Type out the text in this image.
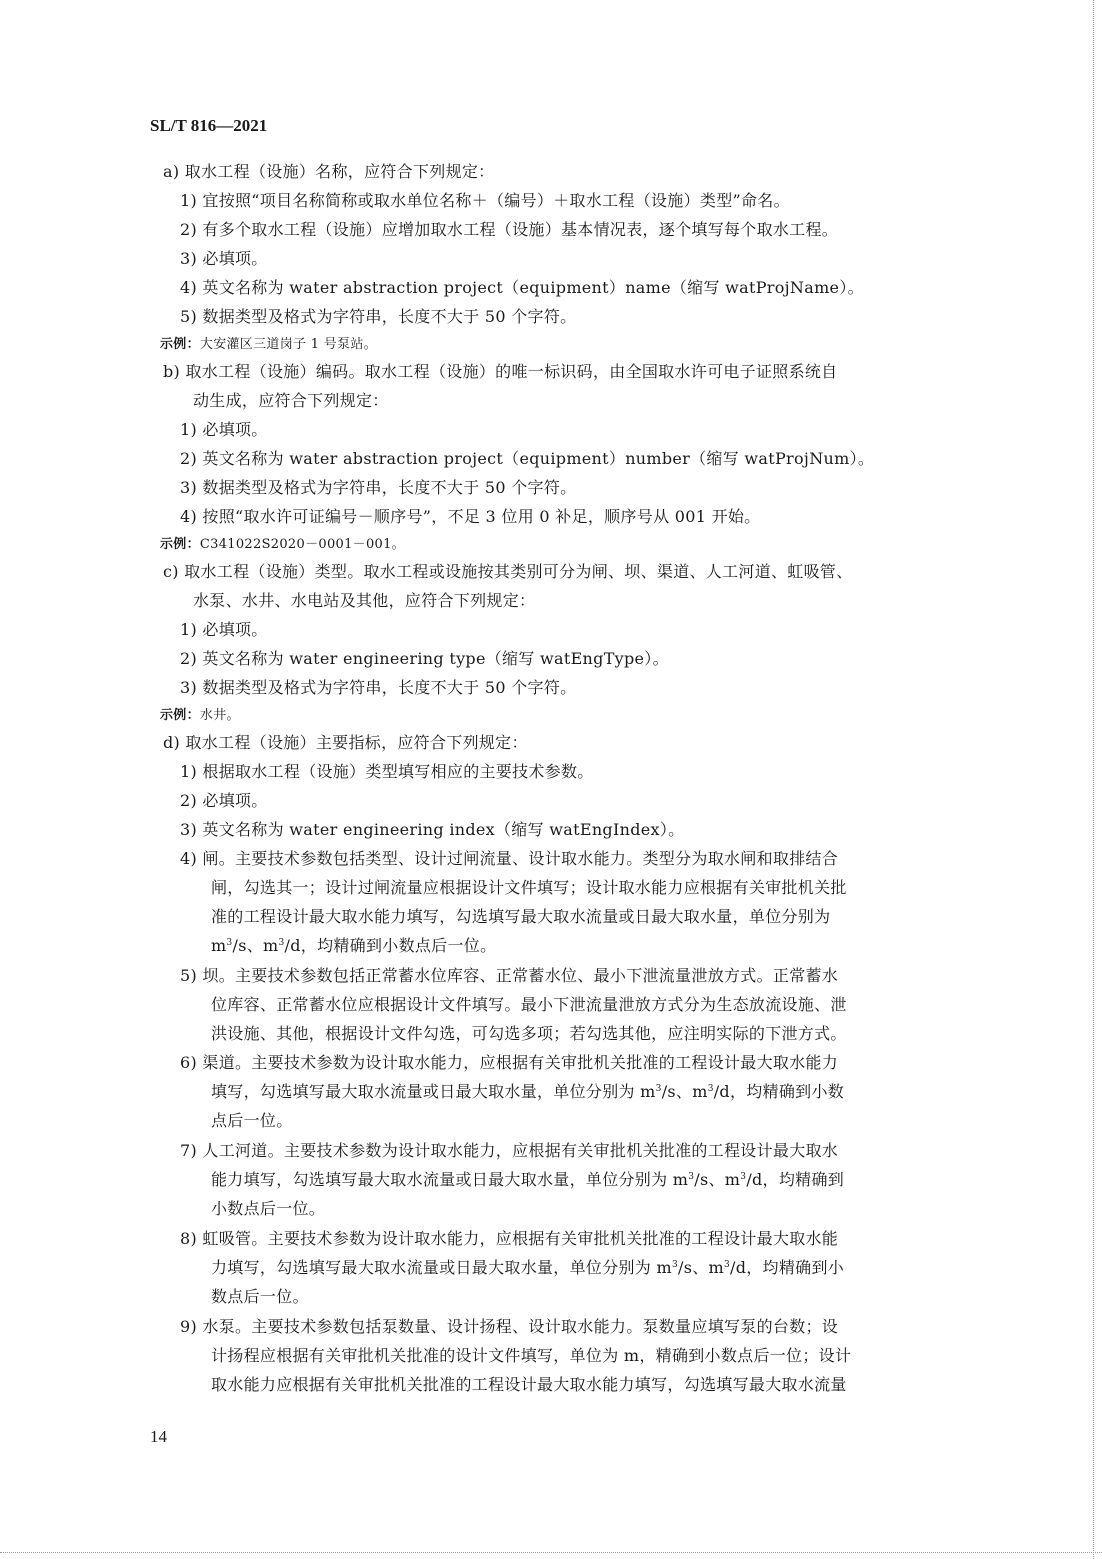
SL/T 816—2021
a) 取水工程（设施）名称，应符合下列规定：
1) 宜按照“项目名称简称或取水单位名称＋（编号）＋取水工程（设施）类型”命名。
2) 有多个取水工程（设施）应增加取水工程（设施）基本情况表，逐个填写每个取水工程。
3) 必填项。
4) 英文名称为 water abstraction project（equipment）name（缩写 watProjName）。
5) 数据类型及格式为字符串，长度不大于 50 个字符。
示例：大安灌区三道岗子 1 号泵站。
b) 取水工程（设施）编码。取水工程（设施）的唯一标识码，由全国取水许可电子证照系统自
动生成，应符合下列规定：
1) 必填项。
2) 英文名称为 water abstraction project（equipment）number（缩写 watProjNum）。
3) 数据类型及格式为字符串，长度不大于 50 个字符。
4) 按照“取水许可证编号－顺序号”，不足 3 位用 0 补足，顺序号从 001 开始。
示例：C341022S2020－0001－001。
c) 取水工程（设施）类型。取水工程或设施按其类别可分为闸、坝、渠道、人工河道、虹吸管、
水泵、水井、水电站及其他，应符合下列规定：
1) 必填项。
2) 英文名称为 water engineering type（缩写 watEngType）。
3) 数据类型及格式为字符串，长度不大于 50 个字符。
示例：水井。
d) 取水工程（设施）主要指标，应符合下列规定：
1) 根据取水工程（设施）类型填写相应的主要技术参数。
2) 必填项。
3) 英文名称为 water engineering index（缩写 watEngIndex）。
4) 闸。主要技术参数包括类型、设计过闸流量、设计取水能力。类型分为取水闸和取排结合
闸，勾选其一；设计过闸流量应根据设计文件填写；设计取水能力应根据有关审批机关批
准的工程设计最大取水能力填写，勾选填写最大取水流量或日最大取水量，单位分别为
$m^3/s$、$m^3/d$，均精确到小数点后一位。
5) 坝。主要技术参数包括正常蓄水位库容、正常蓄水位、最小下泄流量泄放方式。正常蓄水
位库容、正常蓄水位应根据设计文件填写。最小下泄流量泄放方式分为生态放流设施、泄
洪设施、其他，根据设计文件勾选，可勾选多项；若勾选其他，应注明实际的下泄方式。
6) 渠道。主要技术参数为设计取水能力，应根据有关审批机关批准的工程设计最大取水能力
填写，勾选填写最大取水流量或日最大取水量，单位分别为 $m^3/s$、$m^3/d$，均精确到小数
点后一位。
7) 人工河道。主要技术参数为设计取水能力，应根据有关审批机关批准的工程设计最大取水
能力填写，勾选填写最大取水流量或日最大取水量，单位分别为 $m^3/s$、$m^3/d$，均精确到
小数点后一位。
8) 虹吸管。主要技术参数为设计取水能力，应根据有关审批机关批准的工程设计最大取水能
力填写，勾选填写最大取水流量或日最大取水量，单位分别为 $m^3/s$、$m^3/d$，均精确到小
数点后一位。
9) 水泵。主要技术参数包括泵数量、设计扬程、设计取水能力。泵数量应填写泵的台数；设
计扬程应根据有关审批机关批准的设计文件填写，单位为 m，精确到小数点后一位；设计
取水能力应根据有关审批机关批准的工程设计最大取水能力填写，勾选填写最大取水流量
14
